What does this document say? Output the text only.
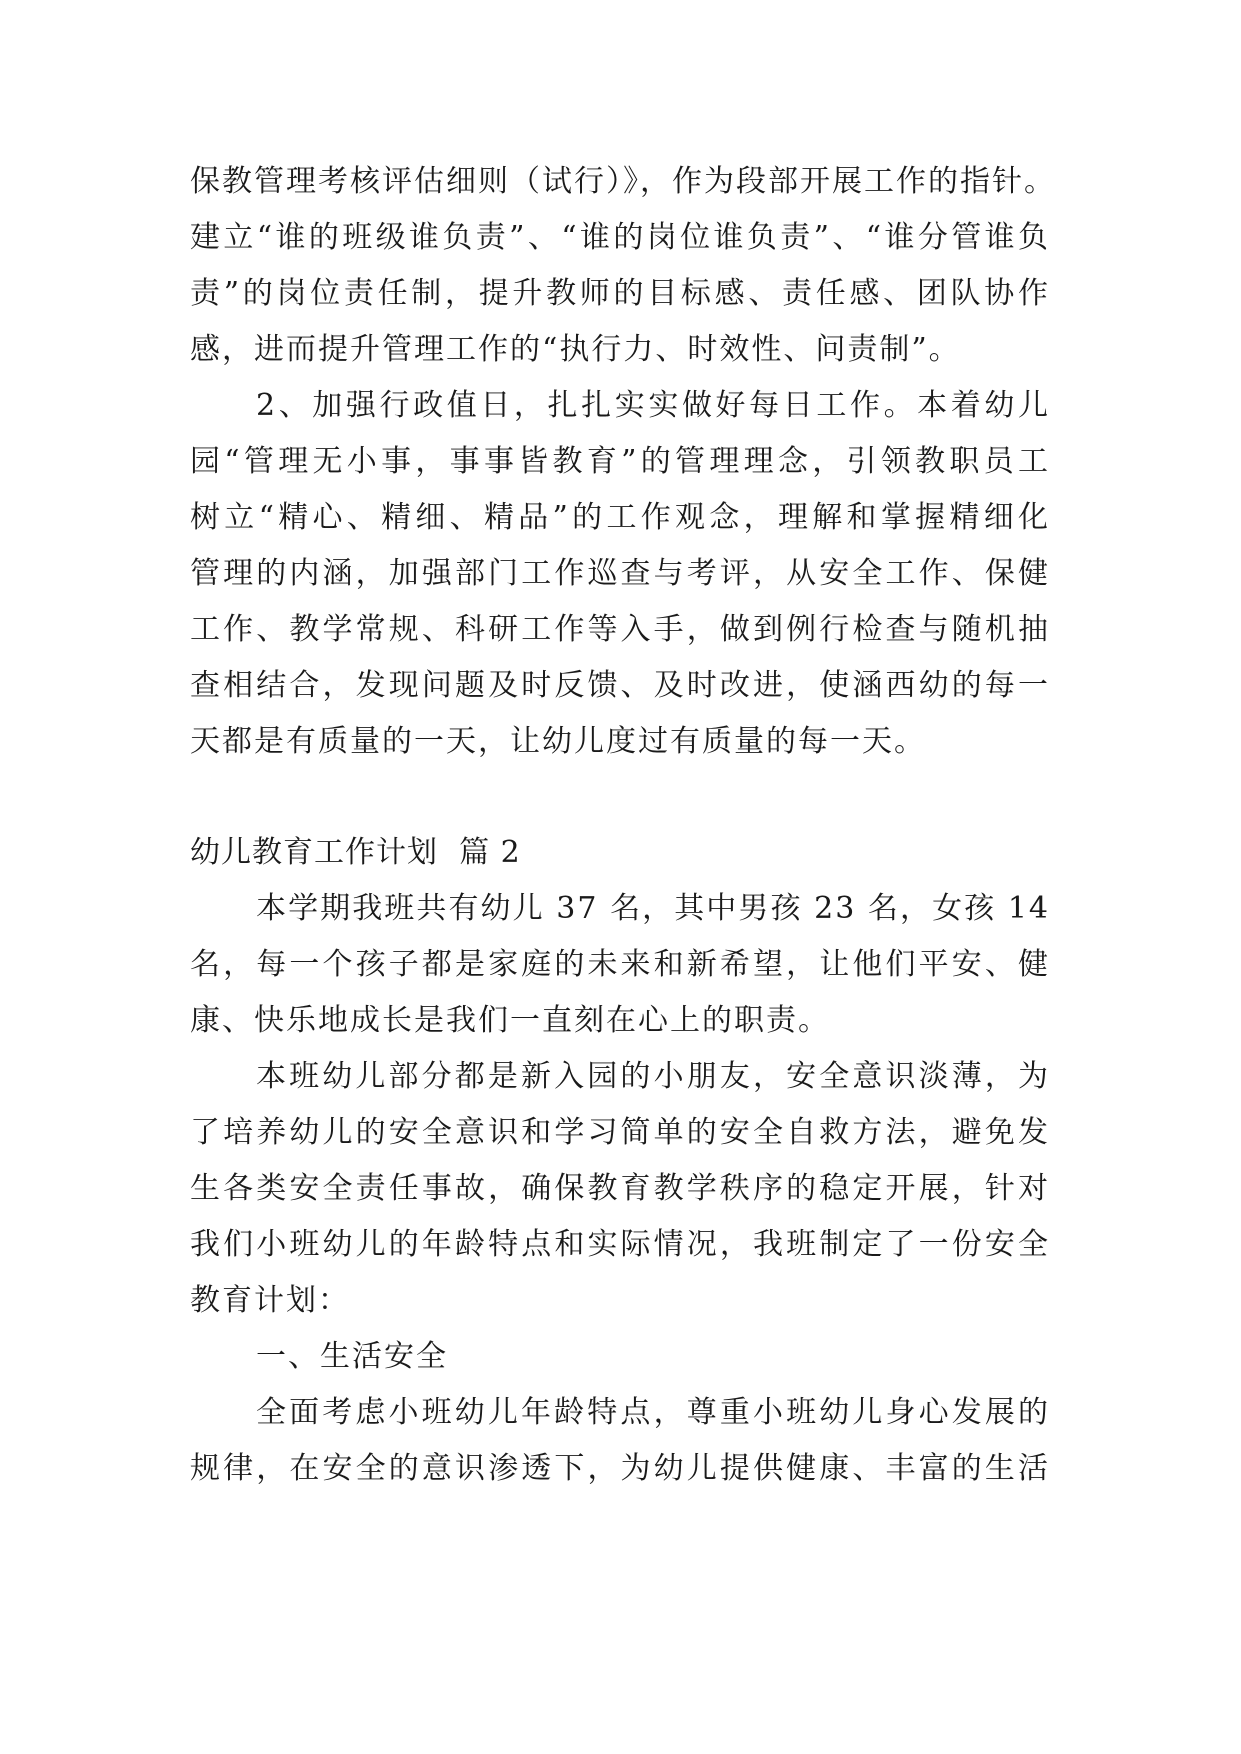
保教管理考核评估细则（试行）》，作为段部开展工作的指针。
建立“谁的班级谁负责”、“谁的岗位谁负责”、“谁分管谁负
责”的岗位责任制，提升教师的目标感、责任感、团队协作
感，进而提升管理工作的“执行力、时效性、问责制”。
2、加强行政值日，扎扎实实做好每日工作。本着幼儿
园“管理无小事，事事皆教育”的管理理念，引领教职员工
树立“精心、精细、精品”的工作观念，理解和掌握精细化
管理的内涵，加强部门工作巡查与考评，从安全工作、保健
工作、教学常规、科研工作等入手，做到例行检查与随机抽
查相结合，发现问题及时反馈、及时改进，使涵西幼的每一
天都是有质量的一天，让幼儿度过有质量的每一天。
幼儿教育工作计划  篇 2
本学期我班共有幼儿 37 名，其中男孩 23 名，女孩 14
名，每一个孩子都是家庭的未来和新希望，让他们平安、健
康、快乐地成长是我们一直刻在心上的职责。
本班幼儿部分都是新入园的小朋友，安全意识淡薄，为
了培养幼儿的安全意识和学习简单的安全自救方法，避免发
生各类安全责任事故，确保教育教学秩序的稳定开展，针对
我们小班幼儿的年龄特点和实际情况，我班制定了一份安全
教育计划：
一、生活安全
全面考虑小班幼儿年龄特点，尊重小班幼儿身心发展的
规律，在安全的意识渗透下，为幼儿提供健康、丰富的生活
